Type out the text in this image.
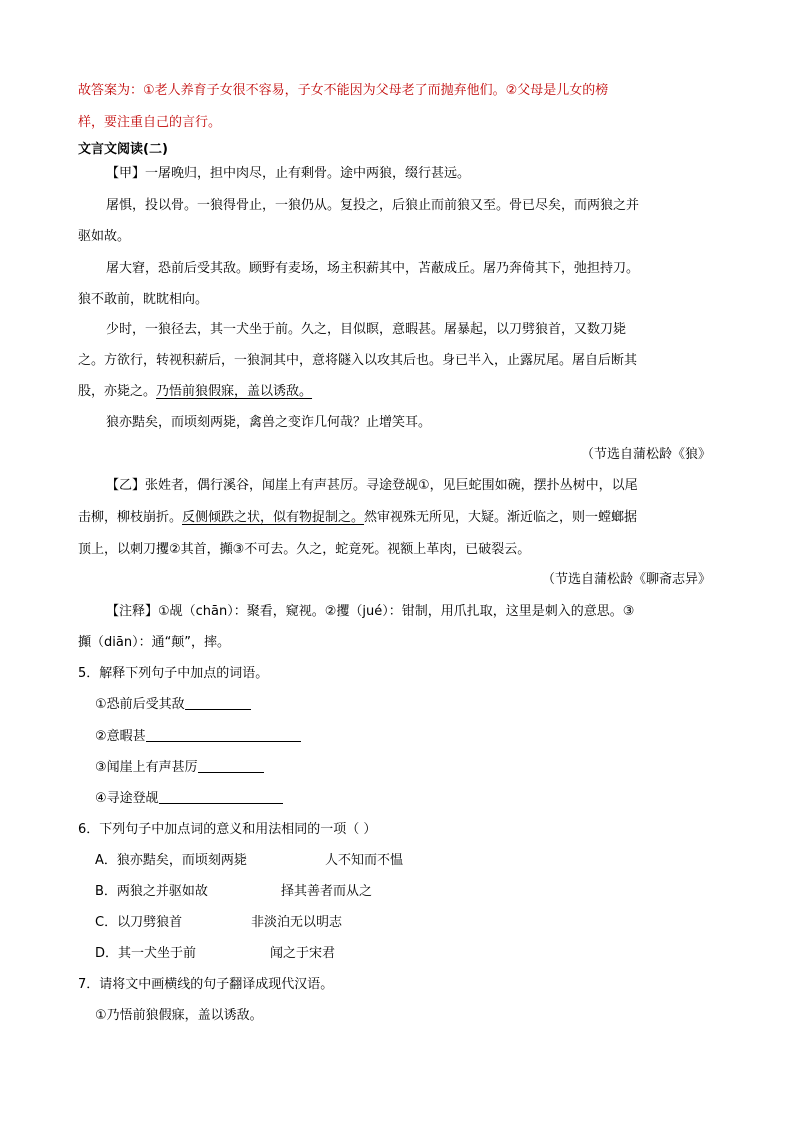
故答案为：①老人养育子女很不容易，子女不能因为父母老了而抛弃他们。②父母是儿女的榜
样，要注重自己的言行。
文言文阅读(二)
【甲】一屠晚归，担中肉尽，止有剩骨。途中两狼，缀行甚远。
屠惧，投以骨。一狼得骨止，一狼仍从。复投之，后狼止而前狼又至。骨已尽矣，而两狼之并
驱如故。
屠大窘，恐前后受其敌。顾野有麦场，场主积薪其中，苫蔽成丘。屠乃奔倚其下，弛担持刀。
狼不敢前，眈眈相向。
少时，一狼径去，其一犬坐于前。久之，目似瞑，意暇甚。屠暴起，以刀劈狼首，又数刀毙
之。方欲行，转视积薪后，一狼洞其中，意将隧入以攻其后也。身已半入，止露尻尾。屠自后断其
股，亦毙之。乃悟前狼假寐，盖以诱敌。
狼亦黠矣，而顷刻两毙，禽兽之变诈几何哉？止增笑耳。
（节选自蒲松龄《狼》
【乙】张姓者，偶行溪谷，闻崖上有声甚厉。寻途登觇①，见巨蛇围如碗，摆扑丛树中，以尾
击柳，柳枝崩折。反侧倾跌之状，似有物捉制之。然审视殊无所见，大疑。渐近临之，则一螳螂据
顶上，以刺刀攫②其首，攧③不可去。久之，蛇竟死。视额上革肉，已破裂云。
（节选自蒲松龄《聊斋志异》
【注释】①觇（chān）：聚看，窥视。②攫（jué）：钳制，用爪扎取，这里是刺入的意思。③
攧（diān）：通“颠”，摔。
5．解释下列句子中加点的词语。
①恐前后受其敌
②意暇甚
③闻崖上有声甚厉
④寻途登觇
6．下列句子中加点词的意义和用法相同的一项（ ）
A．狼亦黠矣，而顷刻两毙	人不知而不愠
B．两狼之并驱如故	择其善者而从之
C．以刀劈狼首	非淡泊无以明志
D．其一犬坐于前	闻之于宋君
7．请将文中画横线的句子翻译成现代汉语。
①乃悟前狼假寐，盖以诱敌。
